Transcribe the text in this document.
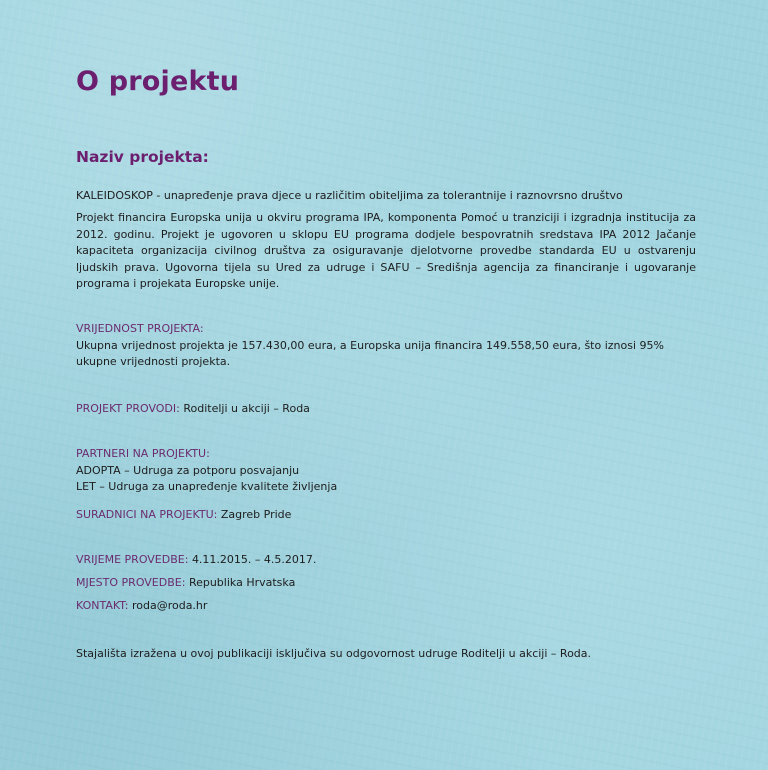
O projektu
Naziv projekta:

KALEIDOSKOP - unapređenje prava djece u različitim obiteljima za tolerantnije i raznovrsno društvo

Projekt financira Europska unija u okviru programa IPA, komponenta Pomoć u tranziciji i izgradnja institucija za 2012. godinu. Projekt je ugovoren u sklopu EU programa dodjele bespovratnih sredstava IPA 2012 Jačanje kapaciteta organizacija civilnog društva za osiguravanje djelotvorne provedbe standarda EU u ostvarenju ljudskih prava. Ugovorna tijela su Ured za udruge i SAFU – Središnja agencija za financiranje i ugovaranje programa i projekata Europske unije.

VRIJEDNOST PROJEKTA:

Ukupna vrijednost projekta je 157.430,00 eura, a Europska unija financira 149.558,50 eura, što iznosi 95% ukupne vrijednosti projekta.

PROJEKT PROVODI: Roditelji u akciji – Roda

PARTNERI NA PROJEKTU:

ADOPTA – Udruga za potporu posvajanju

LET – Udruga za unapređenje kvalitete življenja

SURADNICI NA PROJEKTU: Zagreb Pride

VRIJEME PROVEDBE: 4.11.2015. – 4.5.2017.

MJESTO PROVEDBE: Republika Hrvatska

KONTAKT: roda@roda.hr

Stajališta izražena u ovoj publikaciji isključiva su odgovornost udruge Roditelji u akciji – Roda.
